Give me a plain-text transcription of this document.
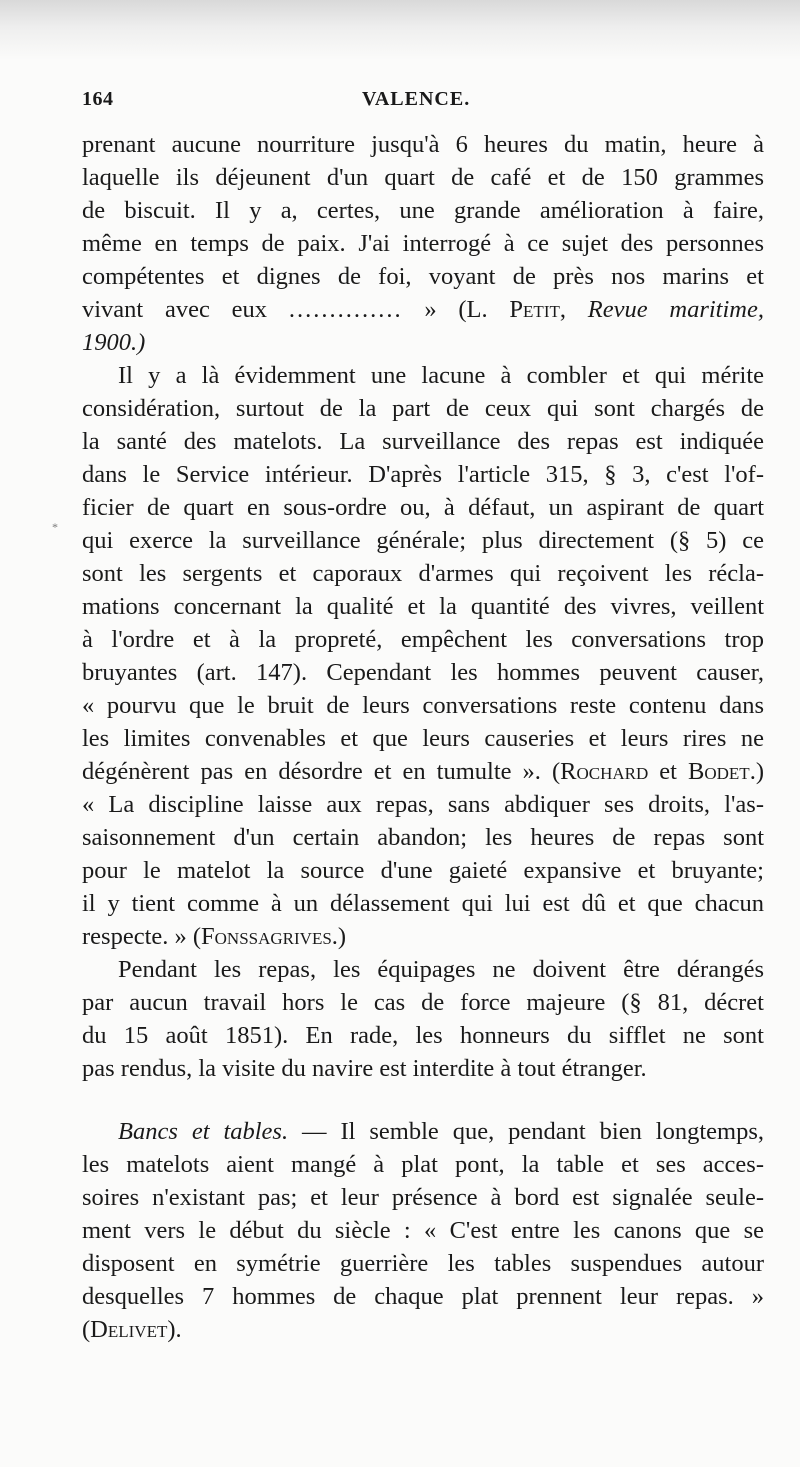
*
164	VALENCE.
prenant aucune nourriture jusqu'à 6 heures du matin, heure à
laquelle ils déjeunent d'un quart de café et de 150 grammes
de biscuit. Il y a, certes, une grande amélioration à faire,
même en temps de paix. J'ai interrogé à ce sujet des personnes
compétentes et dignes de foi, voyant de près nos marins et
vivant avec eux .............. » (L. Petit, Revue maritime,
1900.)
Il y a là évidemment une lacune à combler et qui mérite
considération, surtout de la part de ceux qui sont chargés de
la santé des matelots. La surveillance des repas est indiquée
dans le Service intérieur. D'après l'article 315, § 3, c'est l'of-
ficier de quart en sous-ordre ou, à défaut, un aspirant de quart
qui exerce la surveillance générale; plus directement (§ 5) ce
sont les sergents et caporaux d'armes qui reçoivent les récla-
mations concernant la qualité et la quantité des vivres, veillent
à l'ordre et à la propreté, empêchent les conversations trop
bruyantes (art. 147). Cependant les hommes peuvent causer,
« pourvu que le bruit de leurs conversations reste contenu dans
les limites convenables et que leurs causeries et leurs rires ne
dégénèrent pas en désordre et en tumulte ». (Rochard et Bodet.)
« La discipline laisse aux repas, sans abdiquer ses droits, l'as-
saisonnement d'un certain abandon; les heures de repas sont
pour le matelot la source d'une gaieté expansive et bruyante;
il y tient comme à un délassement qui lui est dû et que chacun
respecte. » (Fonssagrives.)
Pendant les repas, les équipages ne doivent être dérangés
par aucun travail hors le cas de force majeure (§ 81, décret
du 15 août 1851). En rade, les honneurs du sifflet ne sont
pas rendus, la visite du navire est interdite à tout étranger.
Bancs et tables. — Il semble que, pendant bien longtemps,
les matelots aient mangé à plat pont, la table et ses acces-
soires n'existant pas; et leur présence à bord est signalée seule-
ment vers le début du siècle : « C'est entre les canons que se
disposent en symétrie guerrière les tables suspendues autour
desquelles 7 hommes de chaque plat prennent leur repas. »
(Delivet).
